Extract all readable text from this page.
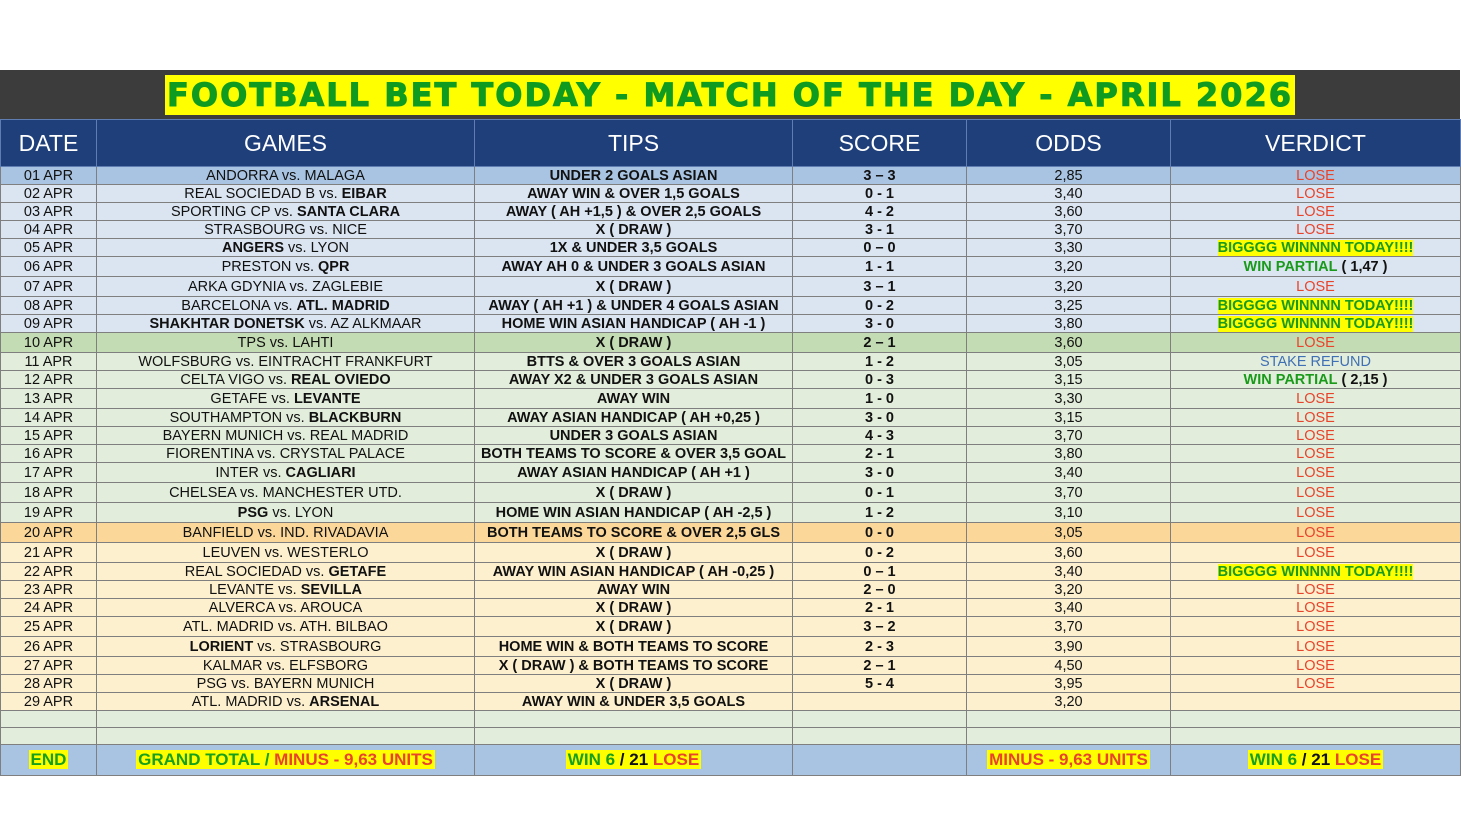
FOOTBALL BET TODAY - MATCH OF THE DAY - APRIL 2026
DATE	GAMES	TIPS	SCORE	ODDS	VERDICT
01 APR	ANDORRA vs. MALAGA	UNDER 2 GOALS ASIAN	3 – 3	2,85	LOSE
02 APR	REAL SOCIEDAD B vs. EIBAR	AWAY WIN & OVER 1,5 GOALS	0 - 1	3,40	LOSE
03 APR	SPORTING CP vs. SANTA CLARA	AWAY ( AH +1,5 ) & OVER 2,5 GOALS	4 - 2	3,60	LOSE
04 APR	STRASBOURG vs. NICE	X ( DRAW )	3 - 1	3,70	LOSE
05 APR	ANGERS vs. LYON	1X & UNDER 3,5 GOALS	0 – 0	3,30	BIGGGG WINNNN TODAY!!!!
06 APR	PRESTON vs. QPR	AWAY AH 0 & UNDER 3 GOALS ASIAN	1 - 1	3,20	WIN PARTIAL ( 1,47 )
07 APR	ARKA GDYNIA vs. ZAGLEBIE	X ( DRAW )	3 – 1	3,20	LOSE
08 APR	BARCELONA vs. ATL. MADRID	AWAY ( AH +1 ) & UNDER 4 GOALS ASIAN	0 - 2	3,25	BIGGGG WINNNN TODAY!!!!
09 APR	SHAKHTAR DONETSK vs. AZ ALKMAAR	HOME WIN ASIAN HANDICAP ( AH -1 )	3 - 0	3,80	BIGGGG WINNNN TODAY!!!!
10 APR	TPS vs. LAHTI	X ( DRAW )	2 – 1	3,60	LOSE
11 APR	WOLFSBURG vs. EINTRACHT FRANKFURT	BTTS & OVER 3 GOALS ASIAN	1 - 2	3,05	STAKE REFUND
12 APR	CELTA VIGO vs. REAL OVIEDO	AWAY X2 & UNDER 3 GOALS ASIAN	0 - 3	3,15	WIN PARTIAL ( 2,15 )
13 APR	GETAFE vs. LEVANTE	AWAY WIN	1 - 0	3,30	LOSE
14 APR	SOUTHAMPTON vs. BLACKBURN	AWAY ASIAN HANDICAP ( AH +0,25 )	3 - 0	3,15	LOSE
15 APR	BAYERN MUNICH vs. REAL MADRID	UNDER 3 GOALS ASIAN	4 - 3	3,70	LOSE
16 APR	FIORENTINA vs. CRYSTAL PALACE	BOTH TEAMS TO SCORE & OVER 3,5 GOAL	2 - 1	3,80	LOSE
17 APR	INTER vs. CAGLIARI	AWAY ASIAN HANDICAP ( AH +1 )	3 - 0	3,40	LOSE
18 APR	CHELSEA vs. MANCHESTER UTD.	X ( DRAW )	0 - 1	3,70	LOSE
19 APR	PSG vs. LYON	HOME WIN ASIAN HANDICAP ( AH -2,5 )	1 - 2	3,10	LOSE
20 APR	BANFIELD vs. IND. RIVADAVIA	BOTH TEAMS TO SCORE & OVER 2,5 GLS	0 - 0	3,05	LOSE
21 APR	LEUVEN vs. WESTERLO	X ( DRAW )	0 - 2	3,60	LOSE
22 APR	REAL SOCIEDAD vs. GETAFE	AWAY WIN ASIAN HANDICAP ( AH -0,25 )	0 – 1	3,40	BIGGGG WINNNN TODAY!!!!
23 APR	LEVANTE vs. SEVILLA	AWAY WIN	2 – 0	3,20	LOSE
24 APR	ALVERCA vs. AROUCA	X ( DRAW )	2 - 1	3,40	LOSE
25 APR	ATL. MADRID vs. ATH. BILBAO	X ( DRAW )	3 – 2	3,70	LOSE
26 APR	LORIENT vs. STRASBOURG	HOME WIN & BOTH TEAMS TO SCORE	2 - 3	3,90	LOSE
27 APR	KALMAR vs. ELFSBORG	X ( DRAW ) & BOTH TEAMS TO SCORE	2 – 1	4,50	LOSE
28 APR	PSG vs. BAYERN MUNICH	X ( DRAW )	5 - 4	3,95	LOSE
29 APR	ATL. MADRID vs. ARSENAL	AWAY WIN & UNDER 3,5 GOALS		3,20	

END	GRAND TOTAL / MINUS - 9,63 UNITS	WIN 6 / 21 LOSE		MINUS - 9,63 UNITS	WIN 6 / 21 LOSE
